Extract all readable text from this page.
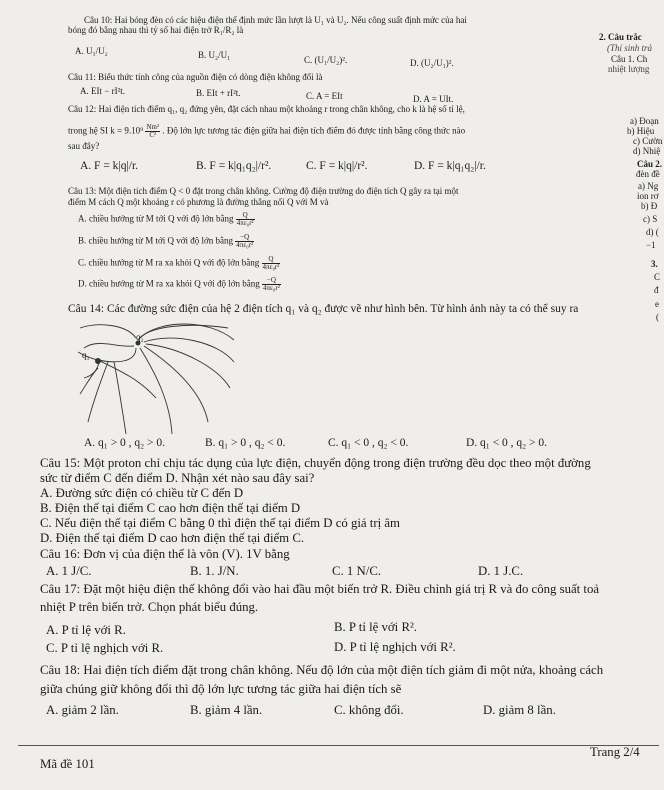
Câu 10: Hai bóng đèn có các hiệu điện thế định mức lần lượt là U₁ và U₂. Nếu công suất định mức của hai
bóng đó bằng nhau thì tỷ số hai điện trở R₁/R₂ là
A. U₁/U₂	B. U₂/U₁	C. (U₁/U₂)².	D. (U₂/U₁)².
Câu 11: Biểu thức tính công của nguồn điện có dòng điện không đổi là
A. EIt − rI²t.	B. EIt + rI²t.	C. A = EIt	D. A = UIt.
Câu 12: Hai điện tích điểm q₁, q₂ đứng yên, đặt cách nhau một khoảng r trong chân không, cho k là hệ số tỉ lệ,
trong hệ SI $k = 9.10^9 \frac{\text{Nm²}}{\text{C²}}$ . Độ lớn lực tương tác điện giữa hai điện tích điểm đó được tính bằng công thức nào
sau đây?
A. F = k|q|/r.	B. F = k|q₁q₂|/r².	C. F = k|q|/r².	D. F = k|q₁q₂|/r.
Câu 13: Một điện tích điểm Q < 0 đặt trong chân không. Cường độ điện trường do điện tích Q gây ra tại một
điểm M cách Q một khoảng r có phương là đường thẳng nối Q với M và
A. chiều hướng từ M tới Q với độ lớn bằng $\frac{Q}{\text{4πε₀r²}}$
B. chiều hướng từ M tới Q với độ lớn bằng $\frac{-Q}{\text{4πε₀r²}}$
C. chiều hướng từ M ra xa khỏi Q với độ lớn bằng $\frac{Q}{\text{4πε₀r²}}$
D. chiều hướng từ M ra xa khỏi Q với độ lớn bằng $\frac{-Q}{\text{4πε₀r²}}$
Câu 14: Các đường sức điện của hệ 2 điện tích q₁ và q₂ được vẽ như hình bên. Từ hình ảnh này ta có thể suy ra
q₂
q₁
A. q₁ > 0 , q₂ > 0.	B. q₁ > 0 , q₂ < 0.	C. q₁ < 0 , q₂ < 0.	D. q₁ < 0 , q₂ > 0.
Câu 15: Một proton chỉ chịu tác dụng của lực điện, chuyển động trong điện trường đều dọc theo một đường
sức từ điểm C đến điểm D. Nhận xét nào sau đây sai?
A. Đường sức điện có chiều từ C đến D
B. Điện thế tại điểm C cao hơn điện thế tại điểm D
C. Nếu điện thế tại điểm C bằng 0 thì điện thế tại điểm D có giá trị âm
D. Điện thế tại điểm D cao hơn điện thế tại điểm C.
Câu 16: Đơn vị của điện thế là vôn (V). 1V bằng
A. 1 J/C.	B. 1. J/N.	C. 1 N/C.	D. 1 J.C.
Câu 17: Đặt một hiệu điện thế không đổi vào hai đầu một biến trở R. Điều chỉnh giá trị R và đo công suất toả
nhiệt P trên biến trở. Chọn phát biểu đúng.
A. P tỉ lệ với R.	B. P tỉ lệ với R².
C. P tỉ lệ nghịch với R.	D. P tỉ lệ nghịch với R².
Câu 18: Hai điện tích điểm đặt trong chân không. Nếu độ lớn của một điện tích giảm đi một nửa, khoảng cách
giữa chúng giữ không đổi thì độ lớn lực tương tác giữa hai điện tích sẽ
A. giảm 2 lần.	B. giảm 4 lần.	C. không đổi.	D. giảm 8 lần.
2. Câu trắc
(Thí sinh trả
Câu 1. Ch
nhiệt lượng
a) Đoạn
b) Hiệu
c) Cườn
d) Nhiệ
Câu 2.
đèn đề
a) Ng
ion rơ
b) Đ
c) S
d) (
−1
3.
C
đ
e
(
Mã đề 101
Trang 2/4
